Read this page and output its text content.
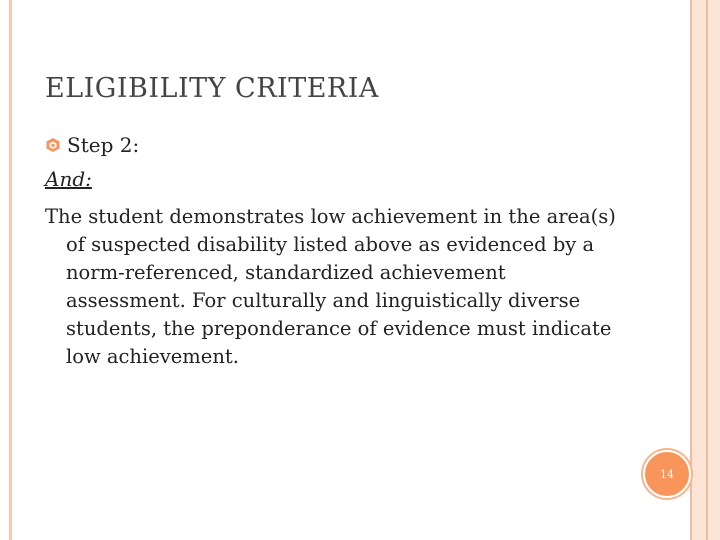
ELIGIBILITY CRITERIA
Step 2:
And:
The student demonstrates low achievement in the area(s) of suspected disability listed above as evidenced by a norm-referenced, standardized achievement assessment. For culturally and linguistically diverse students, the preponderance of evidence must indicate low achievement.
14
